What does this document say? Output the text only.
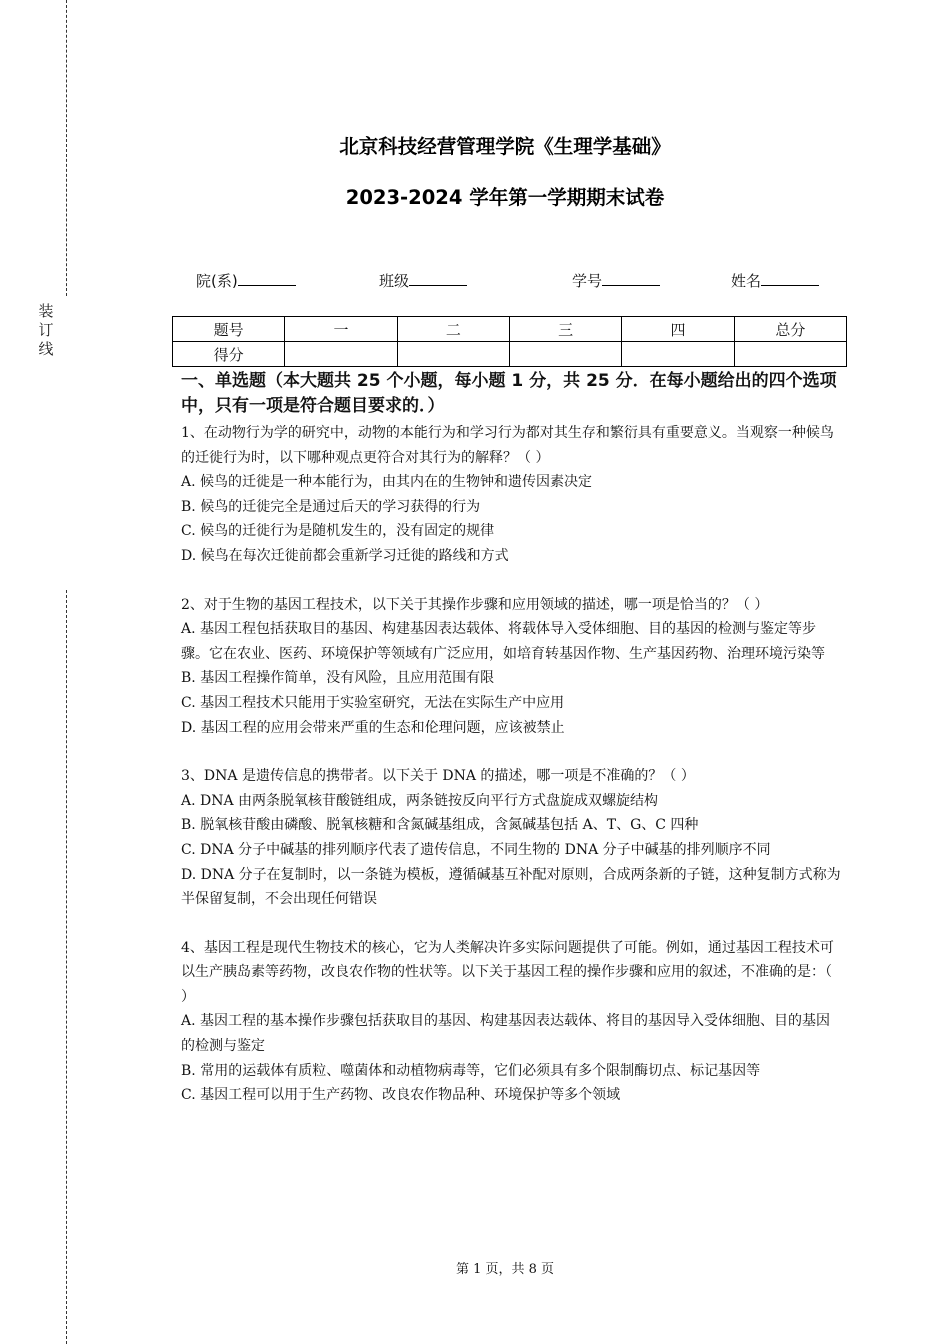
装
订
线
北京科技经营管理学院《生理学基础》
2023-2024 学年第一学期期末试卷
院(系)	班级	学号	姓名
题号	一	二	三	四	总分
得分					
一、单选题（本大题共 25 个小题，每小题 1 分，共 25 分．在每小题给出的四个选项中，只有一项是符合题目要求的．）

1、在动物行为学的研究中，动物的本能行为和学习行为都对其生存和繁衍具有重要意义。当观察一种候鸟的迁徙行为时，以下哪种观点更符合对其行为的解释？（ ）

A. 候鸟的迁徙是一种本能行为，由其内在的生物钟和遗传因素决定

B. 候鸟的迁徙完全是通过后天的学习获得的行为

C. 候鸟的迁徙行为是随机发生的，没有固定的规律

D. 候鸟在每次迁徙前都会重新学习迁徙的路线和方式

2、对于生物的基因工程技术，以下关于其操作步骤和应用领域的描述，哪一项是恰当的？（ ）

A. 基因工程包括获取目的基因、构建基因表达载体、将载体导入受体细胞、目的基因的检测与鉴定等步骤。它在农业、医药、环境保护等领域有广泛应用，如培育转基因作物、生产基因药物、治理环境污染等

B. 基因工程操作简单，没有风险，且应用范围有限

C. 基因工程技术只能用于实验室研究，无法在实际生产中应用

D. 基因工程的应用会带来严重的生态和伦理问题，应该被禁止

3、DNA 是遗传信息的携带者。以下关于 DNA 的描述，哪一项是不准确的？（ ）

A. DNA 由两条脱氧核苷酸链组成，两条链按反向平行方式盘旋成双螺旋结构

B. 脱氧核苷酸由磷酸、脱氧核糖和含氮碱基组成，含氮碱基包括 A、T、G、C 四种

C. DNA 分子中碱基的排列顺序代表了遗传信息，不同生物的 DNA 分子中碱基的排列顺序不同

D. DNA 分子在复制时，以一条链为模板，遵循碱基互补配对原则，合成两条新的子链，这种复制方式称为半保留复制，不会出现任何错误

4、基因工程是现代生物技术的核心，它为人类解决许多实际问题提供了可能。例如，通过基因工程技术可以生产胰岛素等药物，改良农作物的性状等。以下关于基因工程的操作步骤和应用的叙述，不准确的是：（ ）

A. 基因工程的基本操作步骤包括获取目的基因、构建基因表达载体、将目的基因导入受体细胞、目的基因的检测与鉴定

B. 常用的运载体有质粒、噬菌体和动植物病毒等，它们必须具有多个限制酶切点、标记基因等

C. 基因工程可以用于生产药物、改良农作物品种、环境保护等多个领域

第 1 页，共 8 页
